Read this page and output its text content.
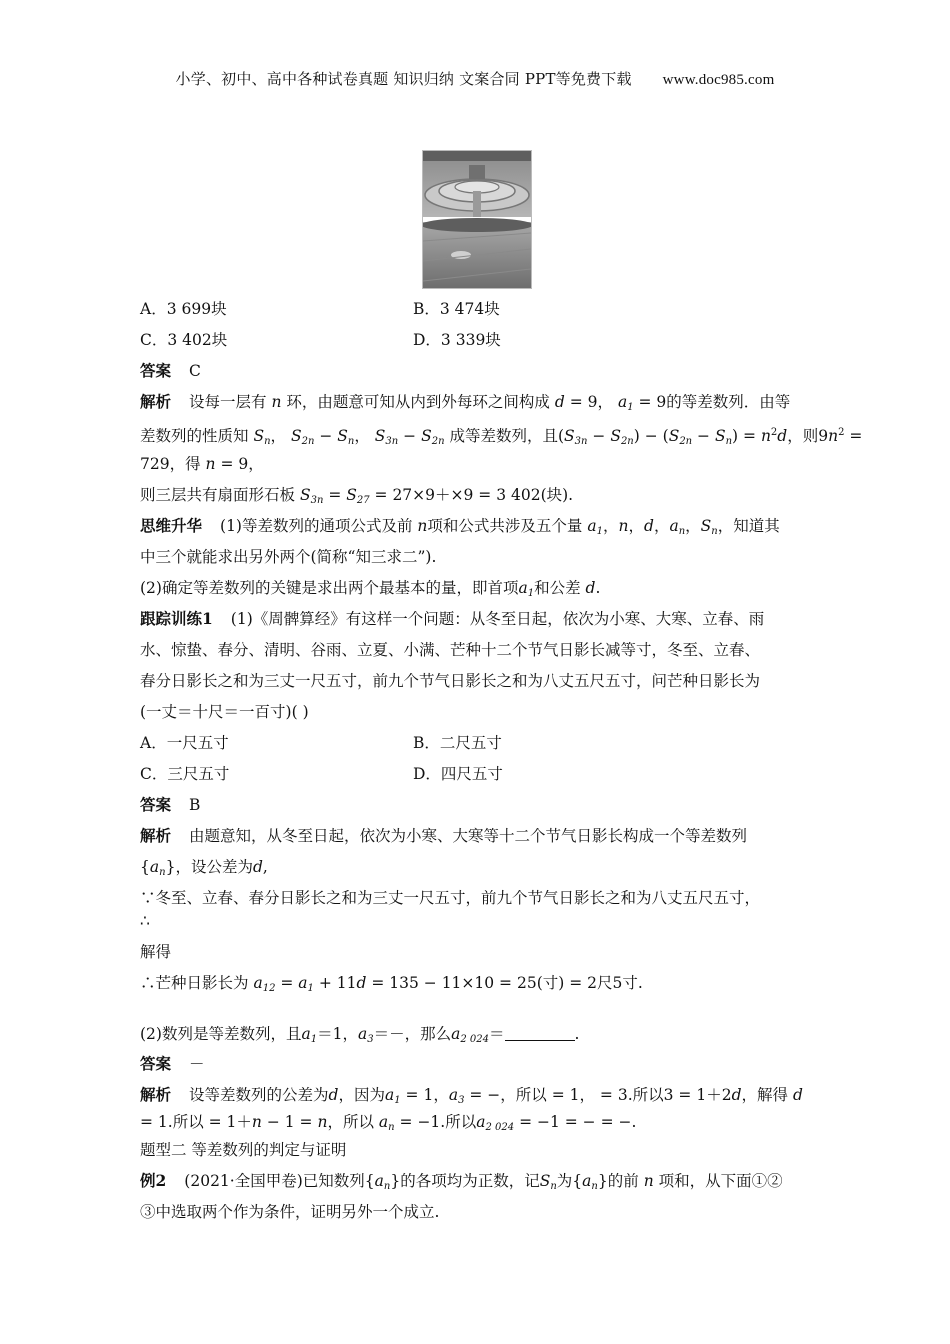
小学、初中、高中各种试卷真题 知识归纳 文案合同 PPT等免费下载 www.doc985.com
A．3 699块	B．3 474块
C．3 402块	D．3 339块
答案 C
解析 设每一层有 n 环，由题意可知从内到外每环之间构成 d = 9， $a_1 = 9$的等差数列．由等
差数列的性质知 $S_n$， $S_{2n} - S_n$， $S_{3n} - S_{2n}$ 成等差数列，且$(S_{3n} - S_{2n}) - (S_{2n} - S_n) = n^2d$，则$9n^2$ =
729，得 n = 9，
则三层共有扇面形石板 $S_{3n} = S_{27} = 27\times 9+\times 9 = 3$ 402(块).
思维升华 (1)等差数列的通项公式及前 n项和公式共涉及五个量 $a_1$，n，d，$a_n$，$S_n$，知道其
中三个就能求出另外两个(简称“知三求二”).
(2)确定等差数列的关键是求出两个最基本的量，即首项$a_1$和公差 d.
跟踪训练1 (1)《周髀算经》有这样一个问题：从冬至日起，依次为小寒、大寒、立春、雨
水、惊蛰、春分、清明、谷雨、立夏、小满、芒种十二个节气日影长减等寸，冬至、立春、
春分日影长之和为三丈一尺五寸，前九个节气日影长之和为八丈五尺五寸，问芒种日影长为
(一丈＝十尺＝一百寸)( )
A．一尺五寸	B．二尺五寸
C．三尺五寸	D．四尺五寸
答案 B
解析 由题意知，从冬至日起，依次为小寒、大寒等十二个节气日影长构成一个等差数列
$\{a_n\}$，设公差为d,
∵冬至、立春、春分日影长之和为三丈一尺五寸，前九个节气日影长之和为八丈五尺五寸，
∴
解得
∴芒种日影长为 $a_{12} = a_1 + 11d = 135 - 11\times 10 = 25$(寸) = 2尺5寸.
(2)数列是等差数列，且$a_1=1$，$a_3=-$，那么$a_{2 024}=$	.
答案 －
解析 设等差数列的公差为d，因为$a_1 = 1$，$a_3$ = −，所以 = 1， = 3.所以3 = 1＋2d，解得 d
= 1.所以 = 1＋n − 1 = n，所以 $a_n = -1$.所以$a_{2 024} = -1$ = − = −.
题型二 等差数列的判定与证明
例2 (2021·全国甲卷)已知数列$\{a_n\}$的各项均为正数，记$S_n$为$\{a_n\}$的前 n 项和，从下面①②
③中选取两个作为条件，证明另外一个成立.
